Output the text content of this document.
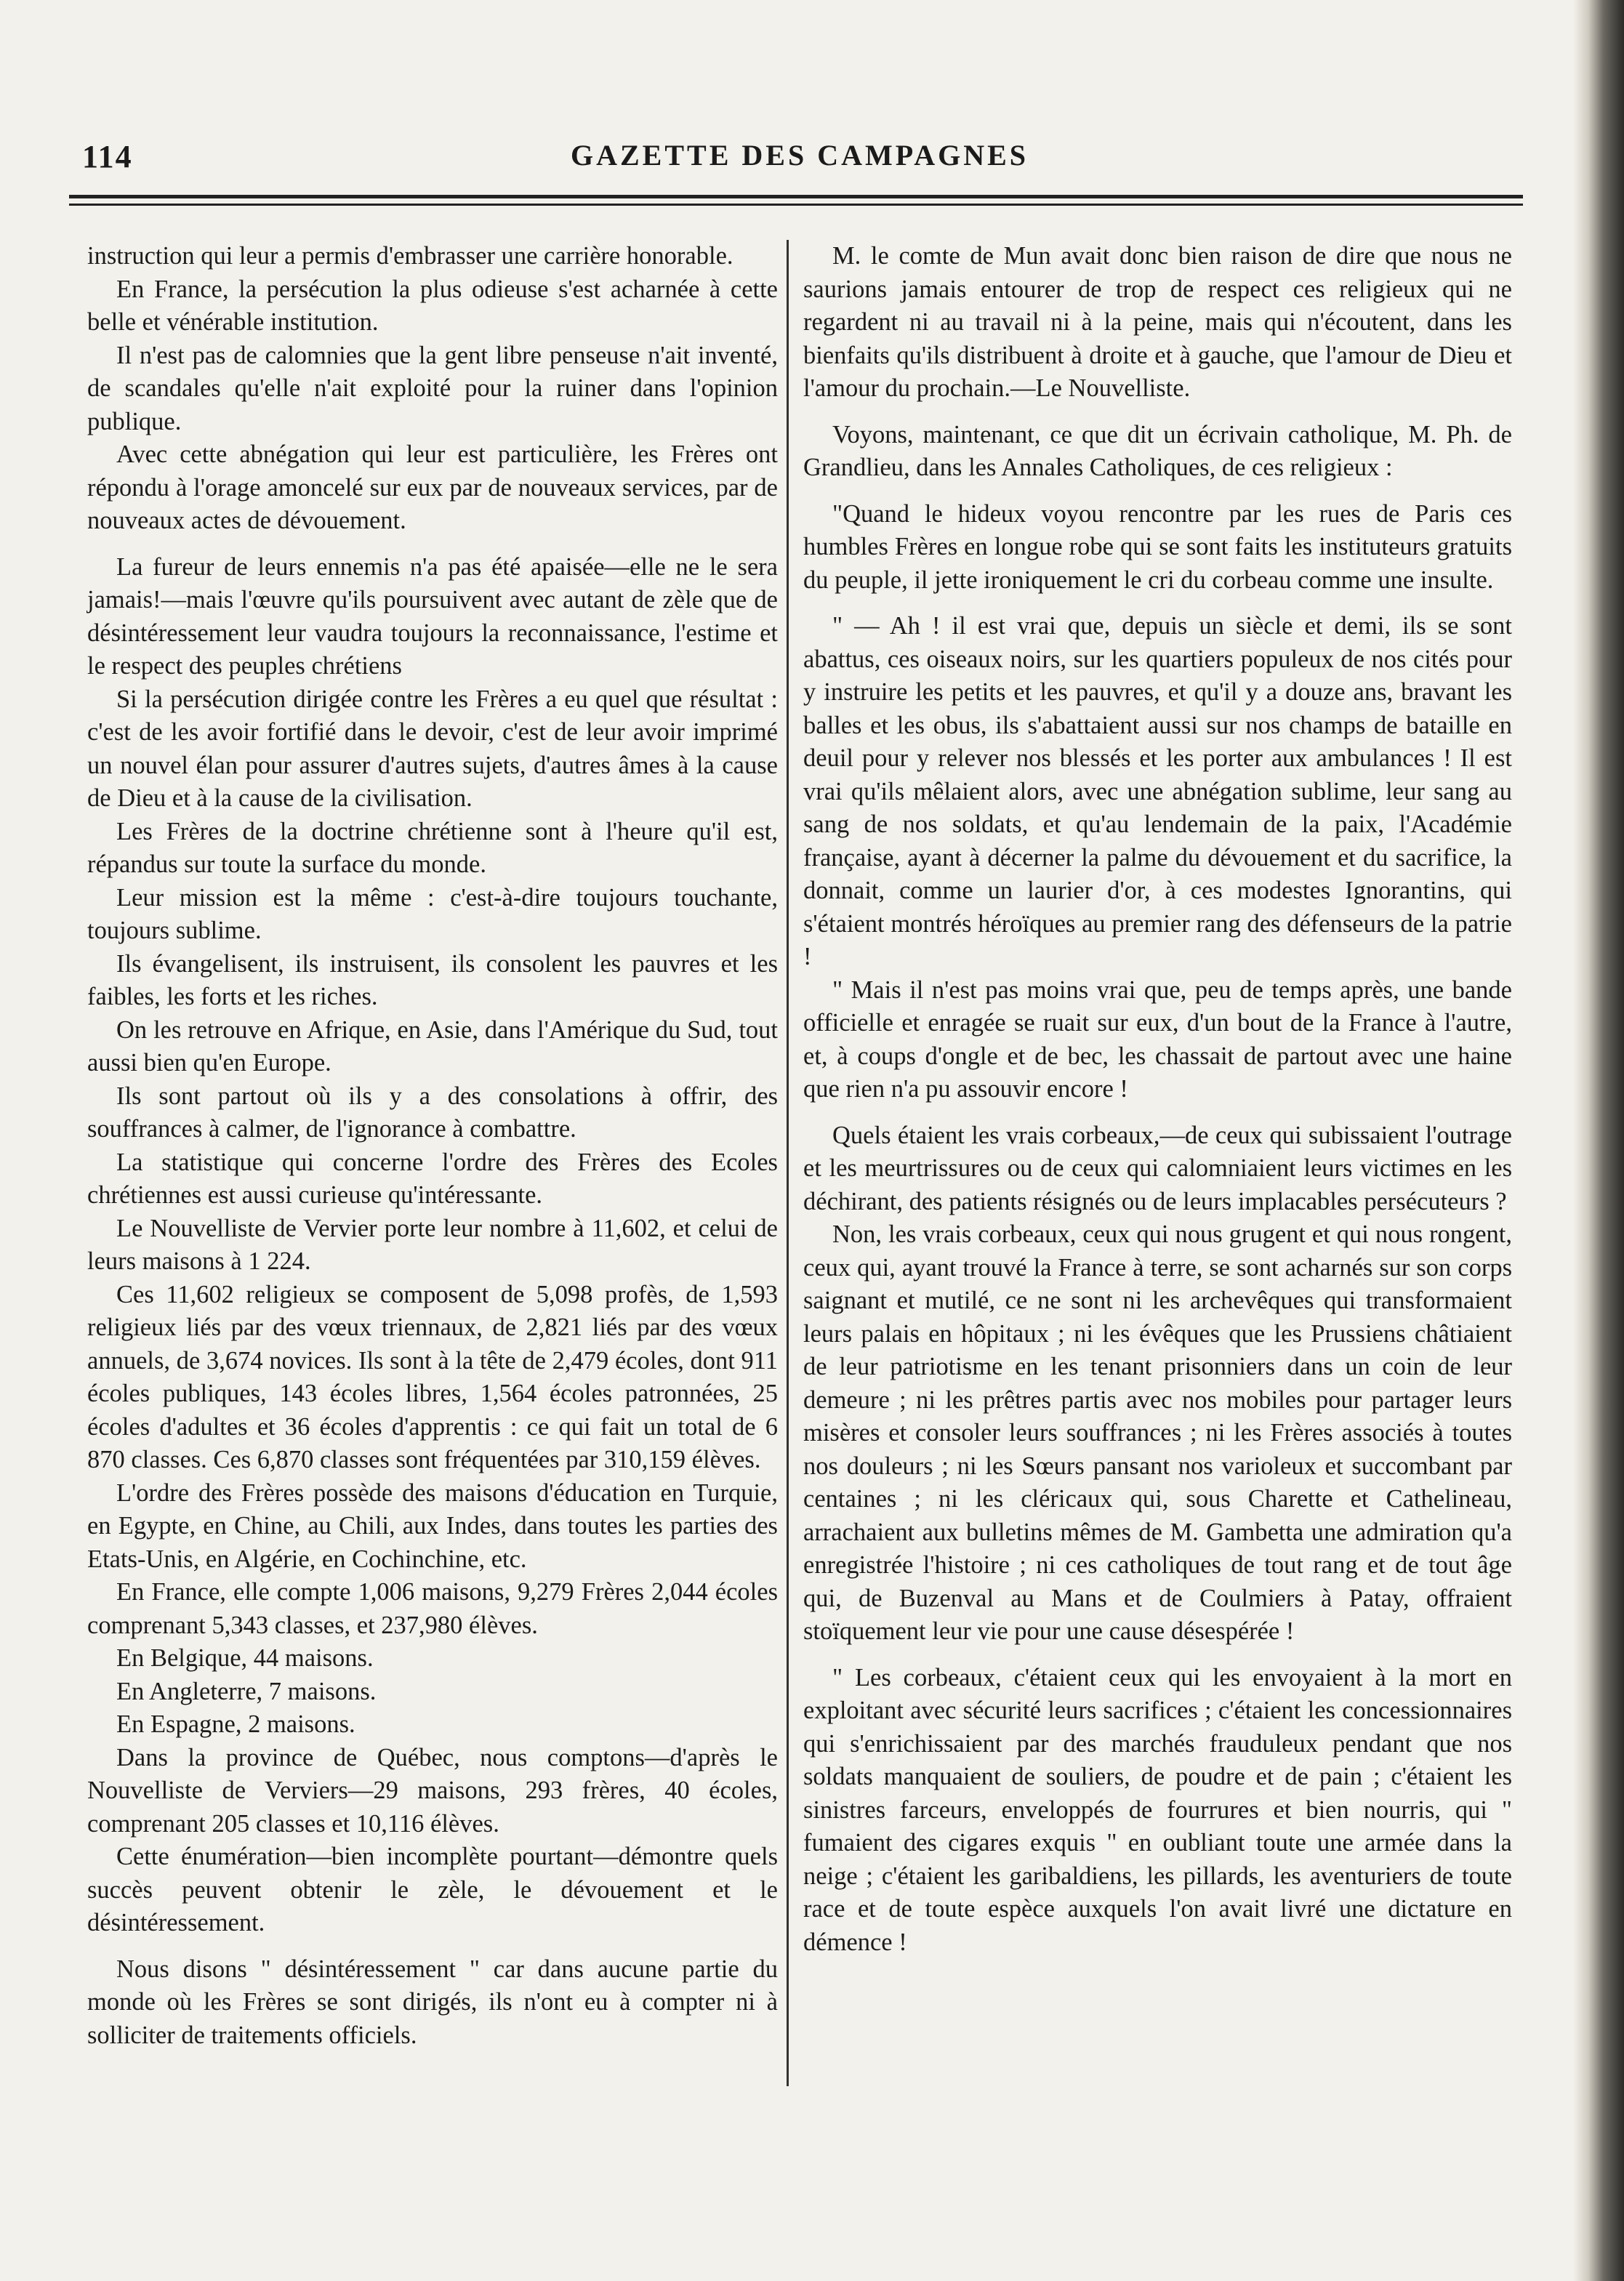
114	GAZETTE DES CAMPAGNES

instruction qui leur a permis d'embrasser une carrière honorable.

En France, la persécution la plus odieuse s'est acharnée à cette belle et vénérable institution.

Il n'est pas de calomnies que la gent libre penseuse n'ait inventé, de scandales qu'elle n'ait exploité pour la ruiner dans l'opinion publique.

Avec cette abnégation qui leur est particulière, les Frères ont répondu à l'orage amoncelé sur eux par de nouveaux services, par de nouveaux actes de dévouement.

La fureur de leurs ennemis n'a pas été apaisée—elle ne le sera jamais!—mais l'œuvre qu'ils poursuivent avec autant de zèle que de désintéressement leur vaudra toujours la reconnaissance, l'estime et le respect des peuples chrétiens

Si la persécution dirigée contre les Frères a eu quel que résultat : c'est de les avoir fortifié dans le devoir, c'est de leur avoir imprimé un nouvel élan pour assurer d'autres sujets, d'autres âmes à la cause de Dieu et à la cause de la civilisation.

Les Frères de la doctrine chrétienne sont à l'heure qu'il est, répandus sur toute la surface du monde.

Leur mission est la même : c'est-à-dire toujours touchante, toujours sublime.

Ils évangelisent, ils instruisent, ils consolent les pauvres et les faibles, les forts et les riches.

On les retrouve en Afrique, en Asie, dans l'Amérique du Sud, tout aussi bien qu'en Europe.

Ils sont partout où ils y a des consolations à offrir, des souffrances à calmer, de l'ignorance à combattre.

La statistique qui concerne l'ordre des Frères des Ecoles chrétiennes est aussi curieuse qu'intéressante.

Le Nouvelliste de Vervier porte leur nombre à 11,602, et celui de leurs maisons à 1 224.

Ces 11,602 religieux se composent de 5,098 profès, de 1,593 religieux liés par des vœux triennaux, de 2,821 liés par des vœux annuels, de 3,674 novices. Ils sont à la tête de 2,479 écoles, dont 911 écoles publiques, 143 écoles libres, 1,564 écoles patronnées, 25 écoles d'adultes et 36 écoles d'apprentis : ce qui fait un total de 6 870 classes. Ces 6,870 classes sont fréquentées par 310,159 élèves.

L'ordre des Frères possède des maisons d'éducation en Turquie, en Egypte, en Chine, au Chili, aux Indes, dans toutes les parties des Etats-Unis, en Algérie, en Cochinchine, etc.

En France, elle compte 1,006 maisons, 9,279 Frères 2,044 écoles comprenant 5,343 classes, et 237,980 élèves.

En Belgique, 44 maisons.

En Angleterre, 7 maisons.

En Espagne, 2 maisons.

Dans la province de Québec, nous comptons—d'après le Nouvelliste de Verviers—29 maisons, 293 frères, 40 écoles, comprenant 205 classes et 10,116 élèves.

Cette énumération—bien incomplète pourtant—démontre quels succès peuvent obtenir le zèle, le dévouement et le désintéressement.

Nous disons " désintéressement " car dans aucune partie du monde où les Frères se sont dirigés, ils n'ont eu à compter ni à solliciter de traitements officiels.

M. le comte de Mun avait donc bien raison de dire que nous ne saurions jamais entourer de trop de respect ces religieux qui ne regardent ni au travail ni à la peine, mais qui n'écoutent, dans les bienfaits qu'ils distribuent à droite et à gauche, que l'amour de Dieu et l'amour du prochain.—Le Nouvelliste.

Voyons, maintenant, ce que dit un écrivain catholique, M. Ph. de Grandlieu, dans les Annales Catholiques, de ces religieux :

"Quand le hideux voyou rencontre par les rues de Paris ces humbles Frères en longue robe qui se sont faits les instituteurs gratuits du peuple, il jette ironiquement le cri du corbeau comme une insulte.

" — Ah ! il est vrai que, depuis un siècle et demi, ils se sont abattus, ces oiseaux noirs, sur les quartiers populeux de nos cités pour y instruire les petits et les pauvres, et qu'il y a douze ans, bravant les balles et les obus, ils s'abattaient aussi sur nos champs de bataille en deuil pour y relever nos blessés et les porter aux ambulances ! Il est vrai qu'ils mêlaient alors, avec une abnégation sublime, leur sang au sang de nos soldats, et qu'au lendemain de la paix, l'Académie française, ayant à décerner la palme du dévouement et du sacrifice, la donnait, comme un laurier d'or, à ces modestes Ignorantins, qui s'étaient montrés héroïques au premier rang des défenseurs de la patrie !

" Mais il n'est pas moins vrai que, peu de temps après, une bande officielle et enragée se ruait sur eux, d'un bout de la France à l'autre, et, à coups d'ongle et de bec, les chassait de partout avec une haine que rien n'a pu assouvir encore !

Quels étaient les vrais corbeaux,—de ceux qui subissaient l'outrage et les meurtrissures ou de ceux qui calomniaient leurs victimes en les déchirant, des patients résignés ou de leurs implacables persécuteurs ?

Non, les vrais corbeaux, ceux qui nous grugent et qui nous rongent, ceux qui, ayant trouvé la France à terre, se sont acharnés sur son corps saignant et mutilé, ce ne sont ni les archevêques qui transformaient leurs palais en hôpitaux ; ni les évêques que les Prussiens châtiaient de leur patriotisme en les tenant prisonniers dans un coin de leur demeure ; ni les prêtres partis avec nos mobiles pour partager leurs misères et consoler leurs souffrances ; ni les Frères associés à toutes nos douleurs ; ni les Sœurs pansant nos varioleux et succombant par centaines ; ni les cléricaux qui, sous Charette et Cathelineau, arrachaient aux bulletins mêmes de M. Gambetta une admiration qu'a enregistrée l'histoire ; ni ces catholiques de tout rang et de tout âge qui, de Buzenval au Mans et de Coulmiers à Patay, offraient stoïquement leur vie pour une cause désespérée !

" Les corbeaux, c'étaient ceux qui les envoyaient à la mort en exploitant avec sécurité leurs sacrifices ; c'étaient les concessionnaires qui s'enrichissaient par des marchés frauduleux pendant que nos soldats manquaient de souliers, de poudre et de pain ; c'étaient les sinistres farceurs, enveloppés de fourrures et bien nourris, qui " fumaient des cigares exquis " en oubliant toute une armée dans la neige ; c'étaient les garibaldiens, les pillards, les aventuriers de toute race et de toute espèce auxquels l'on avait livré une dictature en démence !
